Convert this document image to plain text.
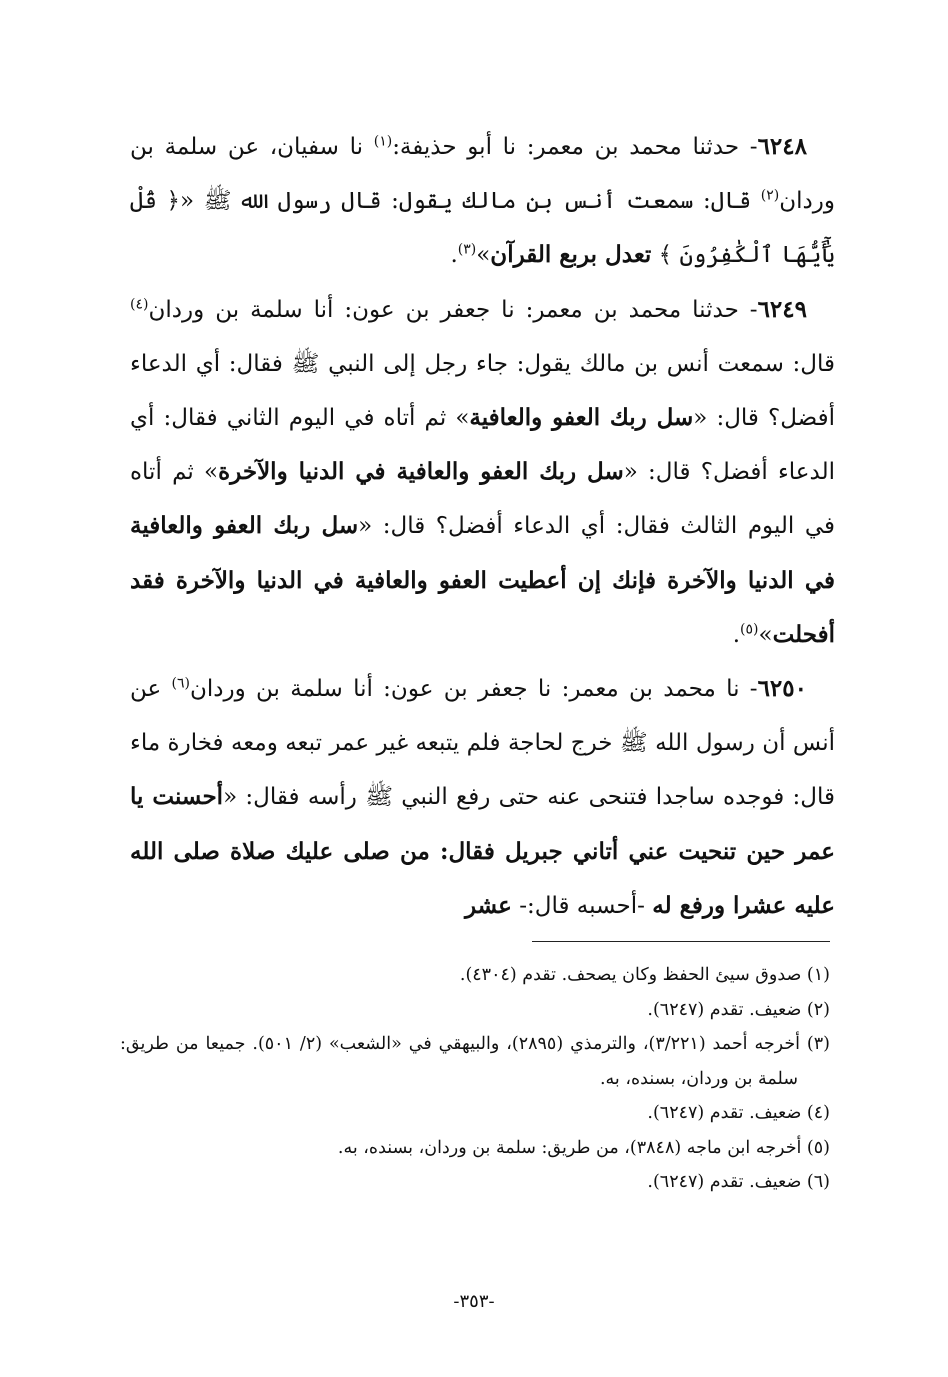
٦٢٤٨- حدثنا محمد بن معمر: نا أبو حذيفة:$^{(١)}$ نا سفيان، عن سلمة بن وردان$^{(٢)}$ قال: سمعت أنس بن مالك يقول: قال رسول الله ﷺ «﴿ قُلْ يَٰٓأَيُّهَا ٱلْكَٰفِرُونَ ﴾ تعدل بربع القرآن»$^{(٣)}$.

٦٢٤٩- حدثنا محمد بن معمر: نا جعفر بن عون: أنا سلمة بن وردان$^{(٤)}$ قال: سمعت أنس بن مالك يقول: جاء رجل إلى النبي ﷺ فقال: أي الدعاء أفضل؟ قال: «سل ربك العفو والعافية» ثم أتاه في اليوم الثاني فقال: أي الدعاء أفضل؟ قال: «سل ربك العفو والعافية في الدنيا والآخرة» ثم أتاه في اليوم الثالث فقال: أي الدعاء أفضل؟ قال: «سل ربك العفو والعافية في الدنيا والآخرة فإنك إن أعطيت العفو والعافية في الدنيا والآخرة فقد أفحلت»$^{(٥)}$.

٦٢٥٠- نا محمد بن معمر: نا جعفر بن عون: أنا سلمة بن وردان$^{(٦)}$ عن أنس أن رسول الله ﷺ خرج لحاجة فلم يتبعه غير عمر تبعه ومعه فخارة ماء قال: فوجده ساجدا فتنحى عنه حتى رفع النبي ﷺ رأسه فقال: «أحسنت يا عمر حين تنحيت عني أتاني جبريل فقال: من صلى عليك صلاة صلى الله عليه عشرا ورفع له -أحسبه قال:- عشر

(١) صدوق سيئ الحفظ وكان يصحف. تقدم (٤٣٠٤).

(٢) ضعيف. تقدم (٦٢٤٧).

(٣) أخرجه أحمد (٣/٢٢١)، والترمذي (٢٨٩٥)، والبيهقي في «الشعب» (٢/ ٥٠١). جميعا من طريق: سلمة بن وردان، بسنده، به.

(٤) ضعيف. تقدم (٦٢٤٧).

(٥) أخرجه ابن ماجه (٣٨٤٨)، من طريق: سلمة بن وردان، بسنده، به.

(٦) ضعيف. تقدم (٦٢٤٧).

-٣٥٣-
